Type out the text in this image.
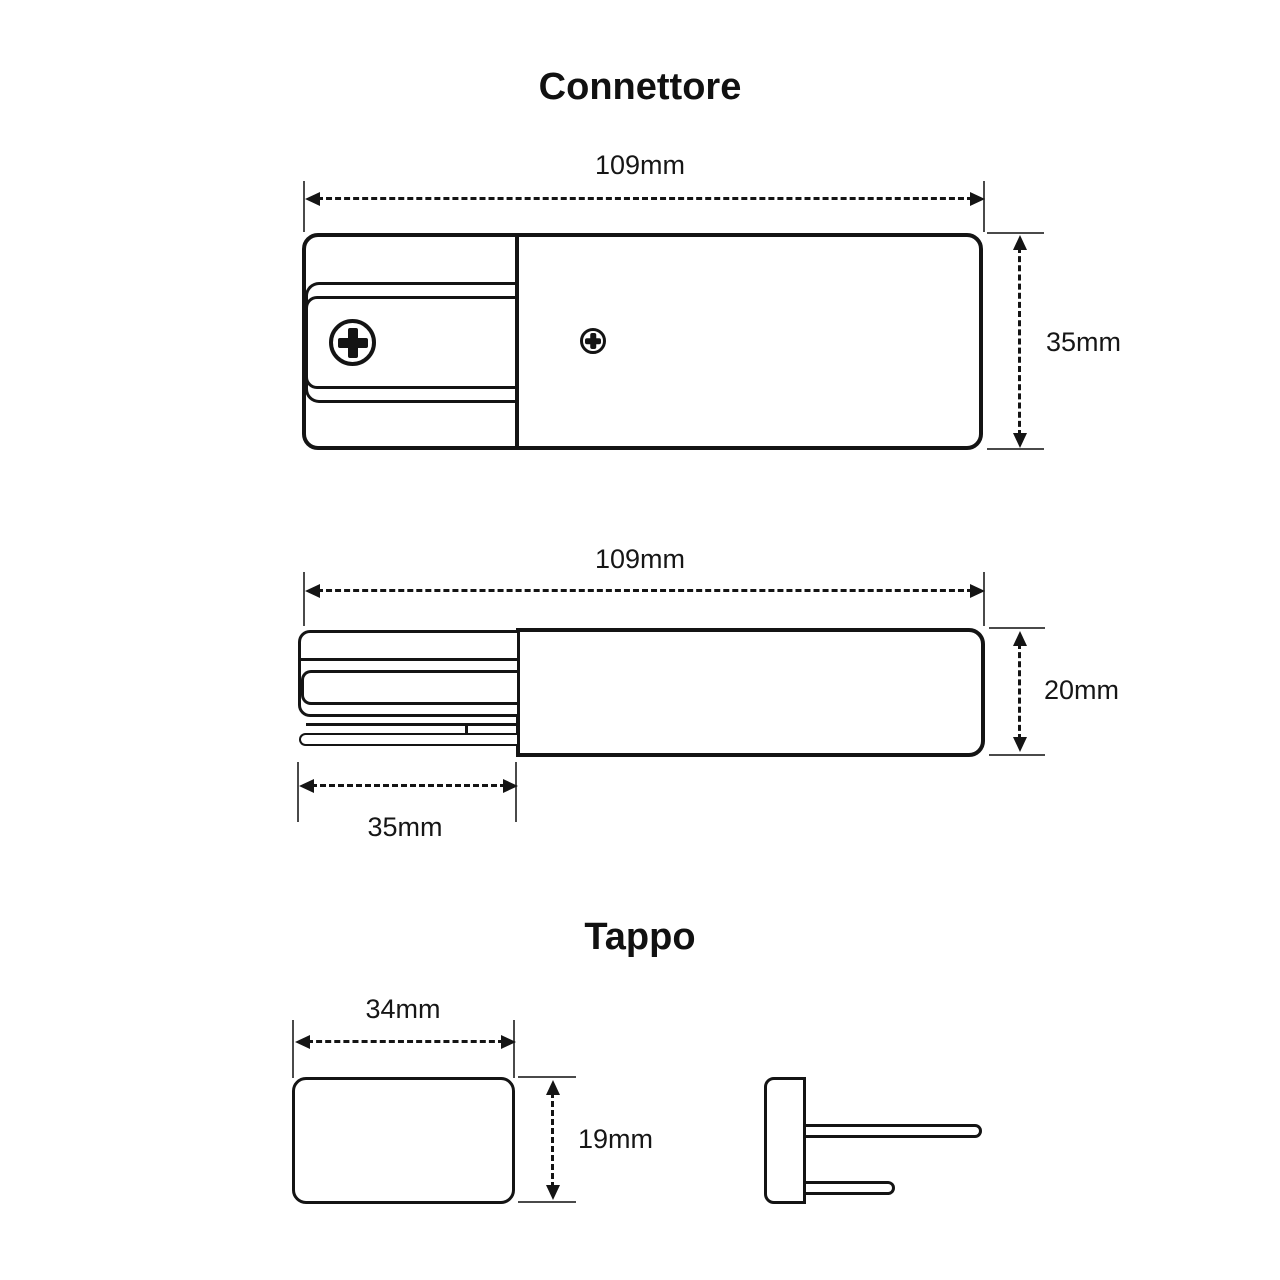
Connettore
109mm
35mm
109mm
20mm
35mm
Tappo
34mm
19mm
